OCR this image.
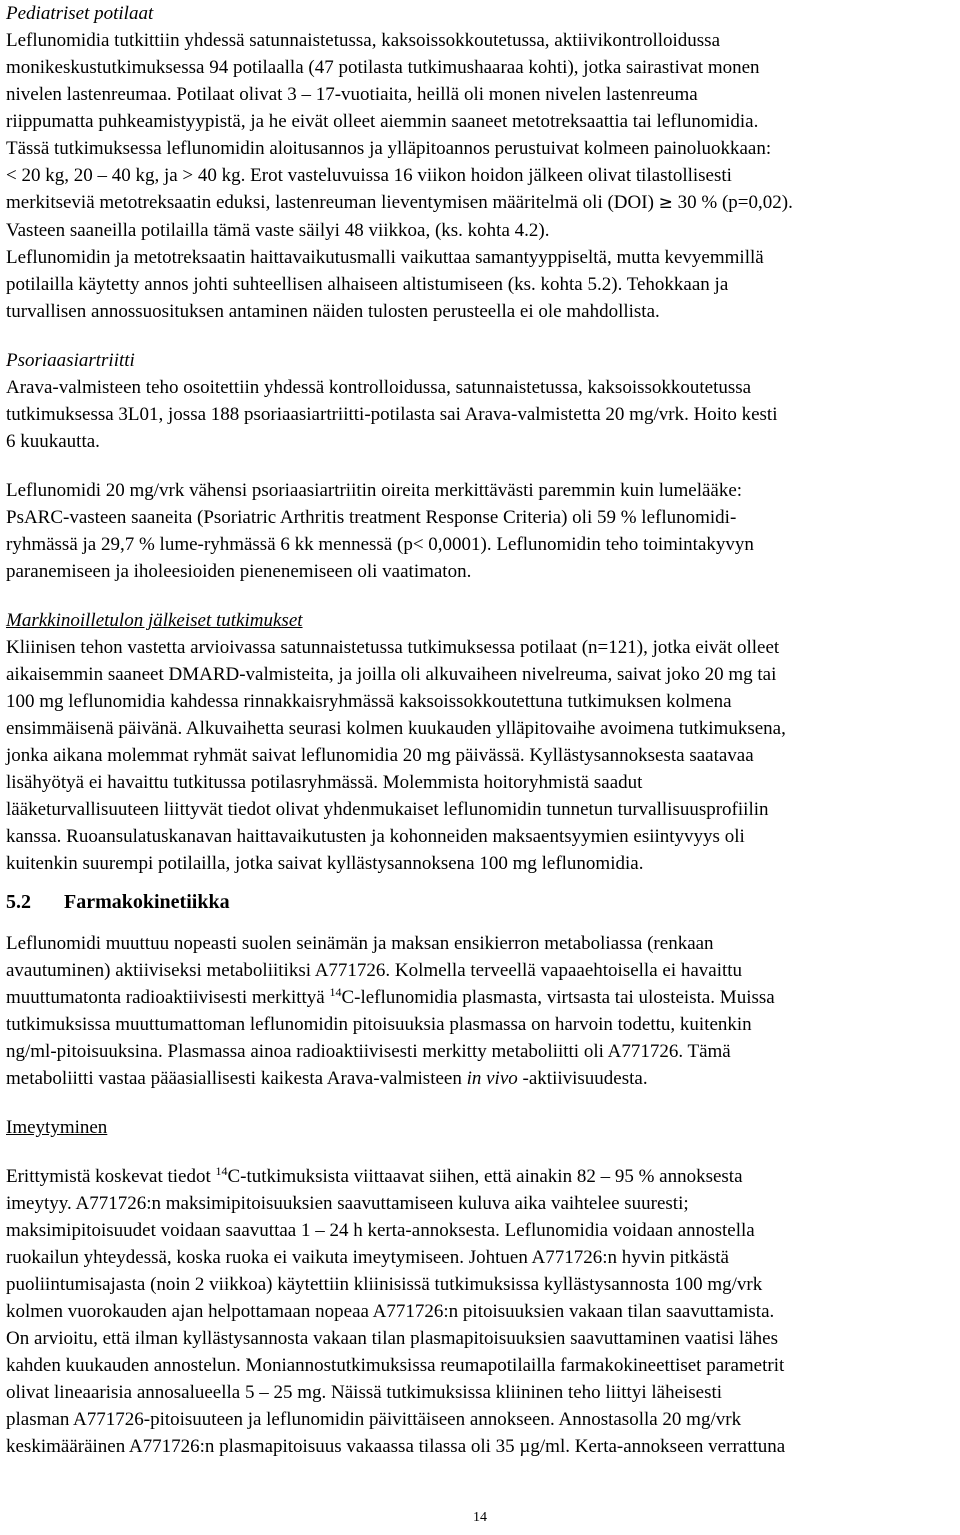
Pediatriset potilaat
Leflunomidia tutkittiin yhdessä satunnaistetussa, kaksoissokkoutetussa, aktiivikontrolloidussa
monikeskustutkimuksessa 94 potilaalla (47 potilasta tutkimushaaraa kohti), jotka sairastivat monen
nivelen lastenreumaa. Potilaat olivat 3 – 17-vuotiaita, heillä oli monen nivelen lastenreuma
riippumatta puhkeamistyypistä, ja he eivät olleet aiemmin saaneet metotreksaattia tai leflunomidia.
Tässä tutkimuksessa leflunomidin aloitusannos ja ylläpitoannos perustuivat kolmeen painoluokkaan:
< 20 kg, 20 – 40 kg, ja > 40 kg. Erot vasteluvuissa 16 viikon hoidon jälkeen olivat tilastollisesti
merkitseviä metotreksaatin eduksi, lastenreuman lieventymisen määritelmä oli (DOI) ≥ 30 % (p=0,02).
Vasteen saaneilla potilailla tämä vaste säilyi 48 viikkoa, (ks. kohta 4.2).
Leflunomidin ja metotreksaatin haittavaikutusmalli vaikuttaa samantyyppiseltä, mutta kevyemmillä
potilailla käytetty annos johti suhteellisen alhaiseen altistumiseen (ks. kohta 5.2). Tehokkaan ja
turvallisen annossuosituksen antaminen näiden tulosten perusteella ei ole mahdollista.
Psoriaasiartriitti
Arava-valmisteen teho osoitettiin yhdessä kontrolloidussa, satunnaistetussa, kaksoissokkoutetussa
tutkimuksessa 3L01, jossa 188 psoriaasiartriitti-potilasta sai Arava-valmistetta 20 mg/vrk. Hoito kesti
6 kuukautta.
Leflunomidi 20 mg/vrk vähensi psoriaasiartriitin oireita merkittävästi paremmin kuin lumelääke:
PsARC-vasteen saaneita (Psoriatric Arthritis treatment Response Criteria) oli 59 % leflunomidi-
ryhmässä ja 29,7 % lume-ryhmässä 6 kk mennessä (p< 0,0001). Leflunomidin teho toimintakyvyn
paranemiseen ja iholeesioiden pienenemiseen oli vaatimaton.
Markkinoilletulon jälkeiset tutkimukset
Kliinisen tehon vastetta arvioivassa satunnaistetussa tutkimuksessa potilaat (n=121), jotka eivät olleet
aikaisemmin saaneet DMARD-valmisteita, ja joilla oli alkuvaiheen nivelreuma, saivat joko 20 mg tai
100 mg leflunomidia kahdessa rinnakkaisryhmässä kaksoissokkoutettuna tutkimuksen kolmena
ensimmäisenä päivänä. Alkuvaihetta seurasi kolmen kuukauden ylläpitovaihe avoimena tutkimuksena,
jonka aikana molemmat ryhmät saivat leflunomidia 20 mg päivässä. Kyllästysannoksesta saatavaa
lisähyötyä ei havaittu tutkitussa potilasryhmässä. Molemmista hoitoryhmistä saadut
lääketurvallisuuteen liittyvät tiedot olivat yhdenmukaiset leflunomidin tunnetun turvallisuusprofiilin
kanssa. Ruoansulatuskanavan haittavaikutusten ja kohonneiden maksaentsyymien esiintyvyys oli
kuitenkin suurempi potilailla, jotka saivat kyllästysannoksena 100 mg leflunomidia.
5.2 Farmakokinetiikka
Leflunomidi muuttuu nopeasti suolen seinämän ja maksan ensikierron metaboliassa (renkaan
avautuminen) aktiiviseksi metaboliitiksi A771726. Kolmella terveellä vapaaehtoisella ei havaittu
muuttumatonta radioaktiivisesti merkittyä $^{14}$C-leflunomidia plasmasta, virtsasta tai ulosteista. Muissa
tutkimuksissa muuttumattoman leflunomidin pitoisuuksia plasmassa on harvoin todettu, kuitenkin
ng/ml-pitoisuuksina. Plasmassa ainoa radioaktiivisesti merkitty metaboliitti oli A771726. Tämä
metaboliitti vastaa pääasiallisesti kaikesta Arava-valmisteen in vivo -aktiivisuudesta.
Imeytyminen
Erittymistä koskevat tiedot $^{14}$C-tutkimuksista viittaavat siihen, että ainakin 82 – 95 % annoksesta
imeytyy. A771726:n maksimipitoisuuksien saavuttamiseen kuluva aika vaihtelee suuresti;
maksimipitoisuudet voidaan saavuttaa 1 – 24 h kerta-annoksesta. Leflunomidia voidaan annostella
ruokailun yhteydessä, koska ruoka ei vaikuta imeytymiseen. Johtuen A771726:n hyvin pitkästä
puoliintumisajasta (noin 2 viikkoa) käytettiin kliinisissä tutkimuksissa kyllästysannosta 100 mg/vrk
kolmen vuorokauden ajan helpottamaan nopeaa A771726:n pitoisuuksien vakaan tilan saavuttamista.
On arvioitu, että ilman kyllästysannosta vakaan tilan plasmapitoisuuksien saavuttaminen vaatisi lähes
kahden kuukauden annostelun. Moniannostutkimuksissa reumapotilailla farmakokineettiset parametrit
olivat lineaarisia annosalueella 5 – 25 mg. Näissä tutkimuksissa kliininen teho liittyi läheisesti
plasman A771726-pitoisuuteen ja leflunomidin päivittäiseen annokseen. Annostasolla 20 mg/vrk
keskimääräinen A771726:n plasmapitoisuus vakaassa tilassa oli 35 µg/ml. Kerta-annokseen verrattuna
14
